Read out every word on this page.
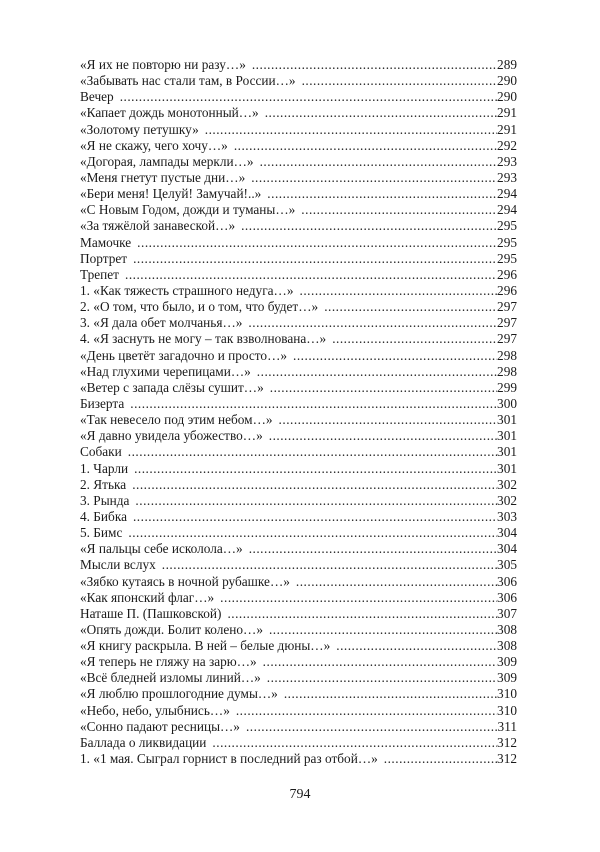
«Я их не повторю ни разу…» .....	289
«Забывать нас стали там, в России…» .....	290
Вечер .....	290
«Капает дождь монотонный…» .....	291
«Золотому петушку» .....	291
«Я не скажу, чего хочу…» .....	292
«Догорая, лампады меркли…» .....	293
«Меня гнетут пустые дни…» .....	293
«Бери меня! Целуй! Замучай!..» .....	294
«С Новым Годом, дожди и туманы…» .....	294
«За тяжёлой занавеской…» .....	295
Мамочке .....	295
Портрет .....	295
Трепет .....	296
1. «Как тяжесть страшного недуга…» .....	296
2. «О том, что было, и о том, что будет…» .....	297
3. «Я дала обет молчанья…» .....	297
4. «Я заснуть не могу – так взволнована…» .....	297
«День цветёт загадочно и просто…» .....	298
«Над глухими черепицами…» .....	298
«Ветер с запада слёзы сушит…» .....	299
Бизерта .....	300
«Так невесело под этим небом…» .....	301
«Я давно увидела убожество…» .....	301
Собаки .....	301
1. Чарли .....	301
2. Ятька .....	302
3. Рында .....	302
4. Бибка .....	303
5. Бимс .....	304
«Я пальцы себе исколола…» .....	304
Мысли вслух .....	305
«Зябко кутаясь в ночной рубашке…» .....	306
«Как японский флаг…» .....	306
Наташе П. (Пашковской) .....	307
«Опять дожди. Болит колено…» .....	308
«Я книгу раскрыла. В ней – белые дюны…» .....	308
«Я теперь не гляжу на зарю…» .....	309
«Всё бледней изломы линий…» .....	309
«Я люблю прошлогодние думы…» .....	310
«Небо, небо, улыбнись…» .....	310
«Сонно падают ресницы…» .....	311
Баллада о ликвидации .....	312
1. «1 мая. Сыграл горнист в последний раз отбой…» .....	312
794
